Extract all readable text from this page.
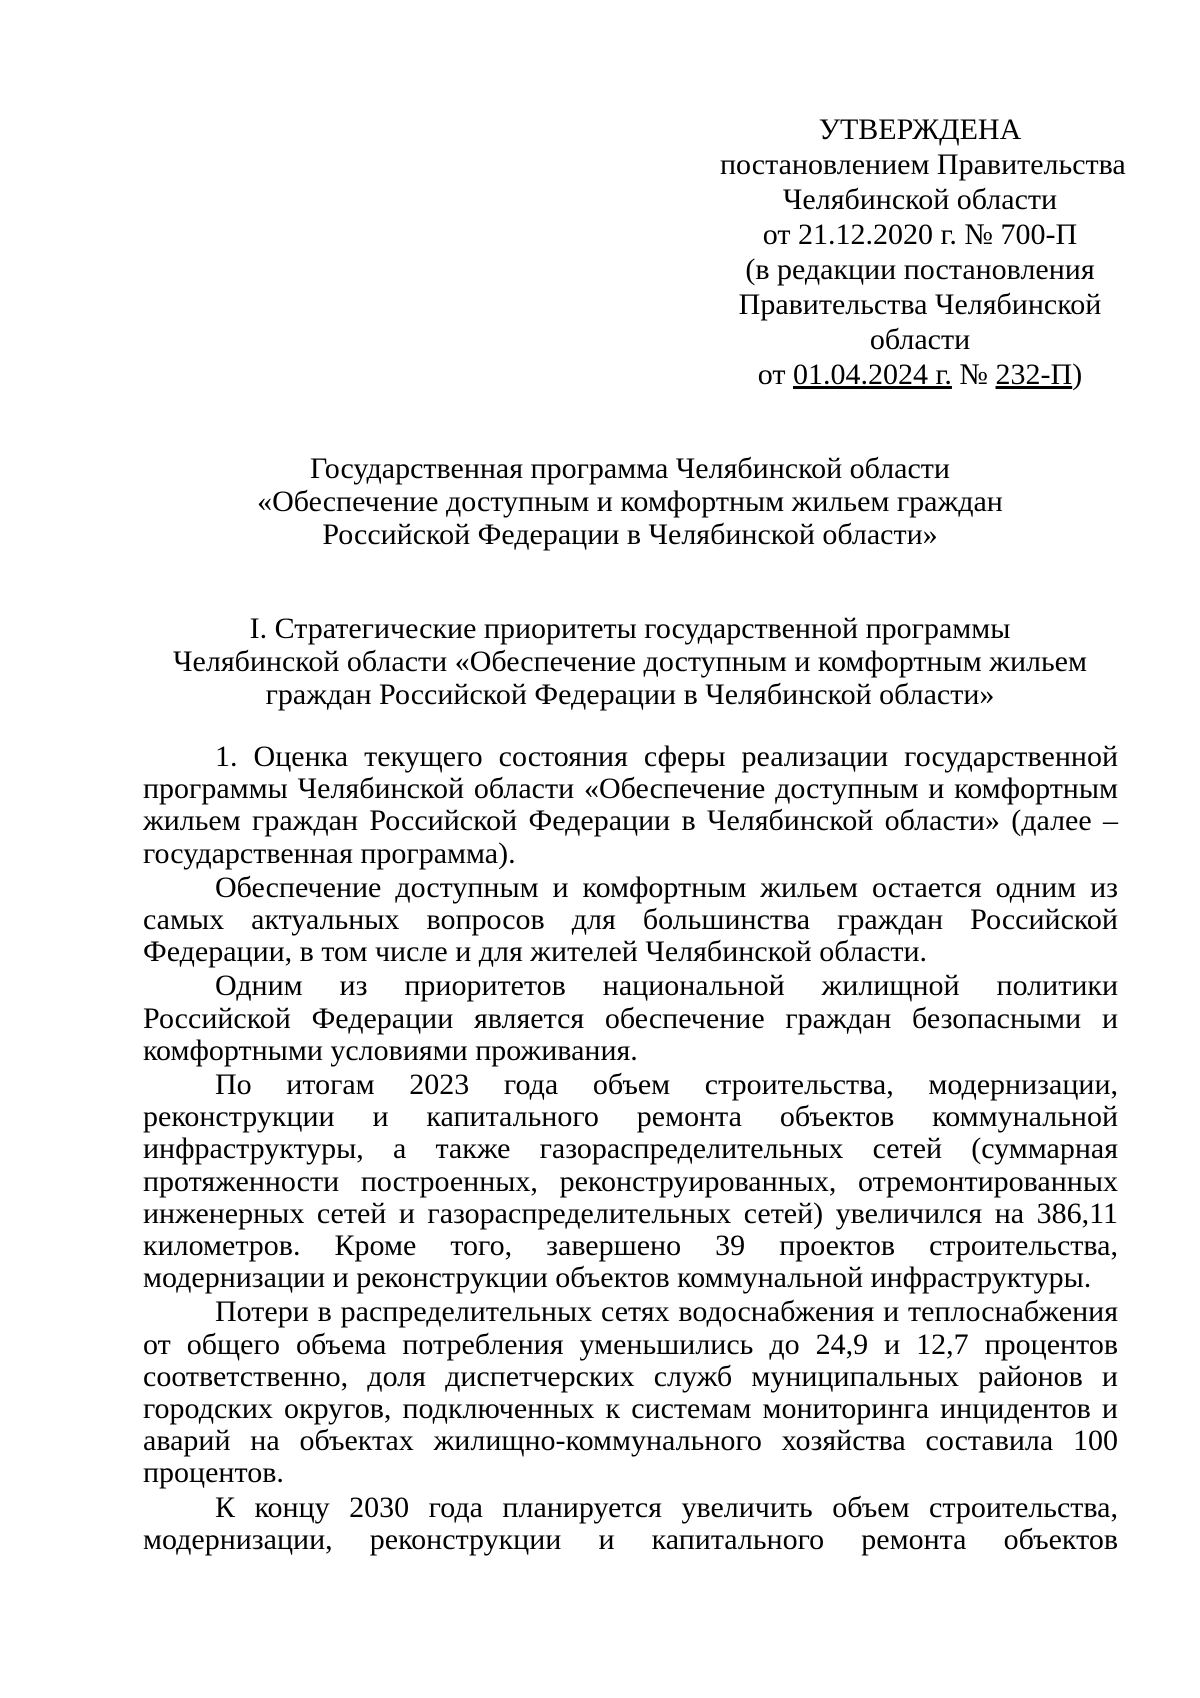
УТВЕРЖДЕНА
постановлением Правительства
Челябинской области
от 21.12.2020 г. № 700-П
(в редакции постановления
Правительства Челябинской
области
от 01.04.2024 г. № 232-П)
Государственная программа Челябинской области
«Обеспечение доступным и комфортным жильем граждан
Российской Федерации в Челябинской области»
I. Стратегические приоритеты государственной программы
Челябинской области «Обеспечение доступным и комфортным жильем
граждан Российской Федерации в Челябинской области»

1. Оценка текущего состояния сферы реализации государственной программы Челябинской области «Обеспечение доступным и комфортным жильем граждан Российской Федерации в Челябинской области» (далее – государственная программа).

Обеспечение доступным и комфортным жильем остается одним из самых актуальных вопросов для большинства граждан Российской Федерации, в том числе и для жителей Челябинской области.

Одним из приоритетов национальной жилищной политики Российской Федерации является обеспечение граждан безопасными и комфортными условиями проживания.

По итогам 2023 года объем строительства, модернизации, реконструкции и капитального ремонта объектов коммунальной инфраструктуры, а также газораспределительных сетей (суммарная протяженности построенных, реконструированных, отремонтированных инженерных сетей и газораспределительных сетей) увеличился на 386,11 километров. Кроме того, завершено 39 проектов строительства, модернизации и реконструкции объектов коммунальной инфраструктуры.

Потери в распределительных сетях водоснабжения и теплоснабжения от общего объема потребления уменьшились до 24,9 и 12,7 процентов соответственно, доля диспетчерских служб муниципальных районов и городских округов, подключенных к системам мониторинга инцидентов и аварий на объектах жилищно-коммунального хозяйства составила 100 процентов.

К концу 2030 года планируется увеличить объем строительства, модернизации, реконструкции и капитального ремонта объектов
